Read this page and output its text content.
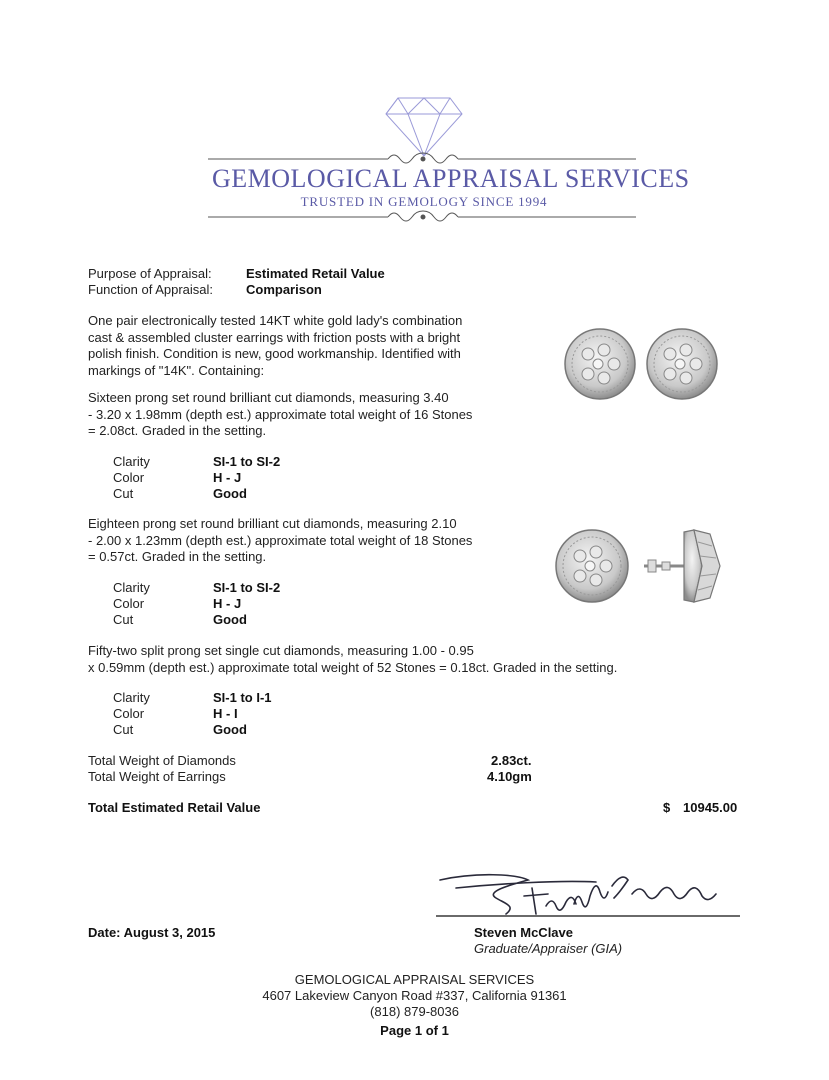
GEMOLOGICAL APPRAISAL SERVICES
TRUSTED IN GEMOLOGY SINCE 1994
Purpose of Appraisal:	Estimated Retail Value
Function of Appraisal:	Comparison
One pair electronically tested 14KT white gold lady's combination
cast & assembled cluster earrings with friction posts with a bright
polish finish. Condition is new, good workmanship. Identified with
markings of "14K". Containing:
Sixteen prong set round brilliant cut diamonds, measuring 3.40
- 3.20 x 1.98mm (depth est.) approximate total weight of 16 Stones
= 2.08ct. Graded in the setting.
Clarity	SI-1 to SI-2
Color	H - J
Cut	Good
Eighteen prong set round brilliant cut diamonds, measuring 2.10
- 2.00 x 1.23mm (depth est.) approximate total weight of 18 Stones
= 0.57ct. Graded in the setting.
Clarity	SI-1 to SI-2
Color	H - J
Cut	Good
Fifty-two split prong set single cut diamonds, measuring 1.00 - 0.95
x 0.59mm (depth est.) approximate total weight of 52 Stones = 0.18ct. Graded in the setting.
Clarity	SI-1 to I-1
Color	H - I
Cut	Good
Total Weight of Diamonds	2.83ct.
Total Weight of Earrings	4.10gm
Total Estimated Retail Value	$ 10945.00
Date: August 3, 2015	Steven McClave
Graduate/Appraiser (GIA)
GEMOLOGICAL APPRAISAL SERVICES
4607 Lakeview Canyon Road #337, California 91361
(818) 879-8036
Page 1 of 1
